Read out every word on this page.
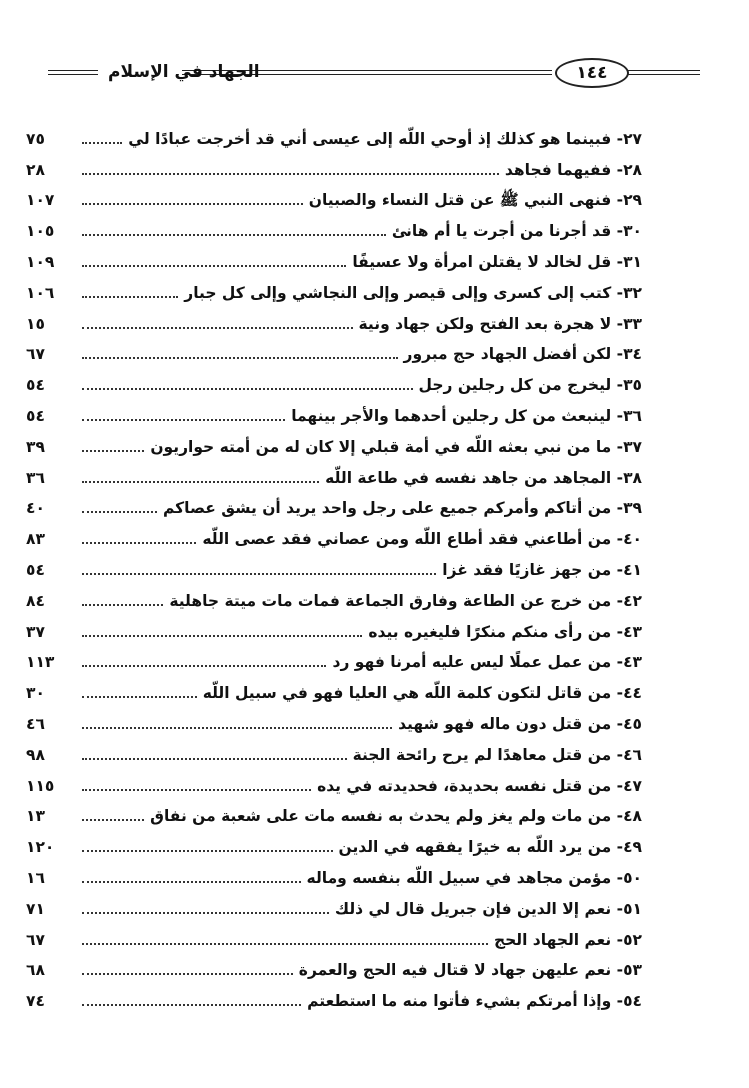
١٤٤
الجهاد في الإسلام
٢٧- فبينما هو كذلك إذ أوحي اللّه إلى عيسى أني قد أخرجت عبادًا لي
٧٥
٢٨- ففيهما فجاهد
٢٨
٢٩- فنهى النبي ﷺ عن قتل النساء والصبيان
١٠٧
٣٠- قد أجرنا من أجرت يا أم هانئ
١٠٥
٣١- قل لخالد لا يقتلن امرأة ولا عسيفًا
١٠٩
٣٢- كتب إلى كسرى وإلى قيصر وإلى النجاشي وإلى كل جبار
١٠٦
٣٣- لا هجرة بعد الفتح ولكن جهاد ونية
١٥
٣٤- لكن أفضل الجهاد حج مبرور
٦٧
٣٥- ليخرج من كل رجلين رجل
٥٤
٣٦- لينبعث من كل رجلين أحدهما والأجر بينهما
٥٤
٣٧- ما من نبي بعثه اللّه في أمة قبلي إلا كان له من أمته حواريون
٣٩
٣٨- المجاهد من جاهد نفسه في طاعة اللّه
٣٦
٣٩- من أتاكم وأمركم جميع على رجل واحد يريد أن يشق عصاكم
٤٠
٤٠- من أطاعني فقد أطاع اللّه ومن عصاني فقد عصى اللّه
٨٣
٤١- من جهز غازيًا فقد غزا
٥٤
٤٢- من خرج عن الطاعة وفارق الجماعة فمات مات ميتة جاهلية
٨٤
٤٣- من رأى منكم منكرًا فليغيره بيده
٣٧
٤٣- من عمل عملًا ليس عليه أمرنا فهو رد
١١٣
٤٤- من قاتل لتكون كلمة اللّه هي العليا فهو في سبيل اللّه
٣٠
٤٥- من قتل دون ماله فهو شهيد
٤٦
٤٦- من قتل معاهدًا لم يرح رائحة الجنة
٩٨
٤٧- من قتل نفسه بحديدة، فحديدته في يده
١١٥
٤٨- من مات ولم يغز ولم يحدث به نفسه مات على شعبة من نفاق
١٣
٤٩- من يرد اللّه به خيرًا يفقهه في الدين
١٢٠
٥٠- مؤمن مجاهد في سبيل اللّه بنفسه وماله
١٦
٥١- نعم إلا الدين فإن جبريل قال لي ذلك
٧١
٥٢- نعم الجهاد الحج
٦٧
٥٣- نعم عليهن جهاد لا قتال فيه الحج والعمرة
٦٨
٥٤- وإذا أمرتكم بشيء فأتوا منه ما استطعتم
٧٤
